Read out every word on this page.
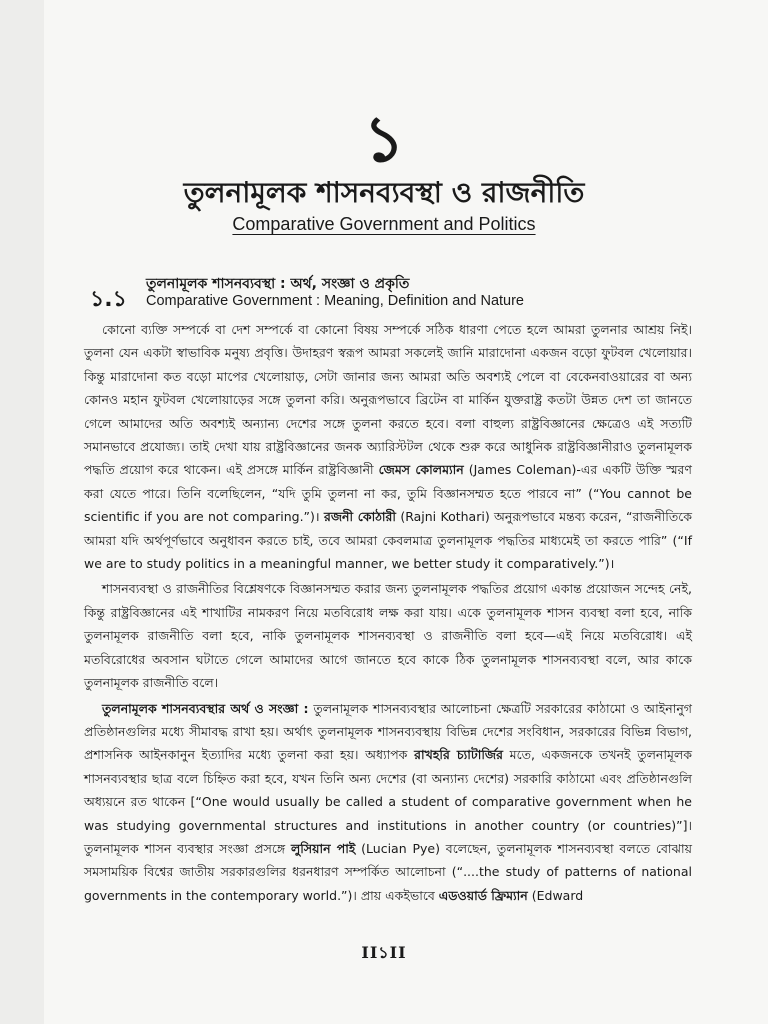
১
তুলনামূলক শাসনব্যবস্থা ও রাজনীতি
Comparative Government and Politics
১.১
তুলনামূলক শাসনব্যবস্থা : অর্থ, সংজ্ঞা ও প্রকৃতি
Comparative Government : Meaning, Definition and Nature

কোনো ব্যক্তি সম্পর্কে বা দেশ সম্পর্কে বা কোনো বিষয় সম্পর্কে সঠিক ধারণা পেতে হলে আমরা তুলনার আশ্রয় নিই। তুলনা যেন একটা স্বাভাবিক মনুষ্য প্রবৃত্তি। উদাহরণ স্বরূপ আমরা সকলেই জানি মারাদোনা একজন বড়ো ফুটবল খেলোয়ার। কিন্তু মারাদোনা কত বড়ো মাপের খেলোয়াড়, সেটা জানার জন্য আমরা অতি অবশ্যই পেলে বা বেকেনবাওয়ারের বা অন্য কোনও মহান ফুটবল খেলোয়াড়ের সঙ্গে তুলনা করি। অনুরূপভাবে ব্রিটেন বা মার্কিন যুক্তরাষ্ট্র কতটা উন্নত দেশ তা জানতে গেলে আমাদের অতি অবশ্যই অন্যান্য দেশের সঙ্গে তুলনা করতে হবে। বলা বাহুল্য রাষ্ট্রবিজ্ঞানের ক্ষেত্রেও এই সত্যটি সমানভাবে প্রযোজ্য। তাই দেখা যায় রাষ্ট্রবিজ্ঞানের জনক অ্যারিস্টটল থেকে শুরু করে আধুনিক রাষ্ট্রবিজ্ঞানীরাও তুলনামূলক পদ্ধতি প্রয়োগ করে থাকেন। এই প্রসঙ্গে মার্কিন রাষ্ট্রবিজ্ঞানী জেমস কোলম্যান (James Coleman)-এর একটি উক্তি স্মরণ করা যেতে পারে। তিনি বলেছিলেন, “যদি তুমি তুলনা না কর, তুমি বিজ্ঞানসম্মত হতে পারবে না” (“You cannot be scientific if you are not comparing.”)। রজনী কোঠারী (Rajni Kothari) অনুরূপভাবে মন্তব্য করেন, “রাজনীতিকে আমরা যদি অর্থপূর্ণভাবে অনুধাবন করতে চাই, তবে আমরা কেবলমাত্র তুলনামূলক পদ্ধতির মাধ্যমেই তা করতে পারি” (“If we are to study politics in a meaningful manner, we better study it comparatively.”)।

শাসনব্যবস্থা ও রাজনীতির বিশ্লেষণকে বিজ্ঞানসম্মত করার জন্য তুলনামূলক পদ্ধতির প্রয়োগ একান্ত প্রয়োজন সন্দেহ নেই, কিন্তু রাষ্ট্রবিজ্ঞানের এই শাখাটির নামকরণ নিয়ে মতবিরোধ লক্ষ করা যায়। একে তুলনামূলক শাসন ব্যবস্থা বলা হবে, নাকি তুলনামূলক রাজনীতি বলা হবে, নাকি তুলনামূলক শাসনব্যবস্থা ও রাজনীতি বলা হবে—এই নিয়ে মতবিরোধ। এই মতবিরোধের অবসান ঘটাতে গেলে আমাদের আগে জানতে হবে কাকে ঠিক তুলনামূলক শাসনব্যবস্থা বলে, আর কাকে তুলনামূলক রাজনীতি বলে।

তুলনামূলক শাসনব্যবস্থার অর্থ ও সংজ্ঞা : তুলনামূলক শাসনব্যবস্থার আলোচনা ক্ষেত্রটি সরকারের কাঠামো ও আইনানুগ প্রতিষ্ঠানগুলির মধ্যে সীমাবদ্ধ রাখা হয়। অর্থাৎ তুলনামূলক শাসনব্যবস্থায় বিভিন্ন দেশের সংবিধান, সরকারের বিভিন্ন বিভাগ, প্রশাসনিক আইনকানুন ইত্যাদির মধ্যে তুলনা করা হয়। অধ্যাপক রাখহরি চ্যাটার্জির মতে, একজনকে তখনই তুলনামূলক শাসনব্যবস্থার ছাত্র বলে চিহ্নিত করা হবে, যখন তিনি অন্য দেশের (বা অন্যান্য দেশের) সরকারি কাঠামো এবং প্রতিষ্ঠানগুলি অধ্যয়নে রত থাকেন [“One would usually be called a student of comparative government when he was studying governmental structures and institutions in another country (or countries)”]। তুলনামূলক শাসন ব্যবস্থার সংজ্ঞা প্রসঙ্গে লুসিয়ান পাই (Lucian Pye) বলেছেন, তুলনামূলক শাসনব্যবস্থা বলতে বোঝায় সমসাময়িক বিশ্বের জাতীয় সরকারগুলির ধরনধারণ সম্পর্কিত আলোচনা (“....the study of patterns of national governments in the contemporary world.”)। প্রায় একইভাবে এডওয়ার্ড ফ্রিম্যান (Edward

II১II
